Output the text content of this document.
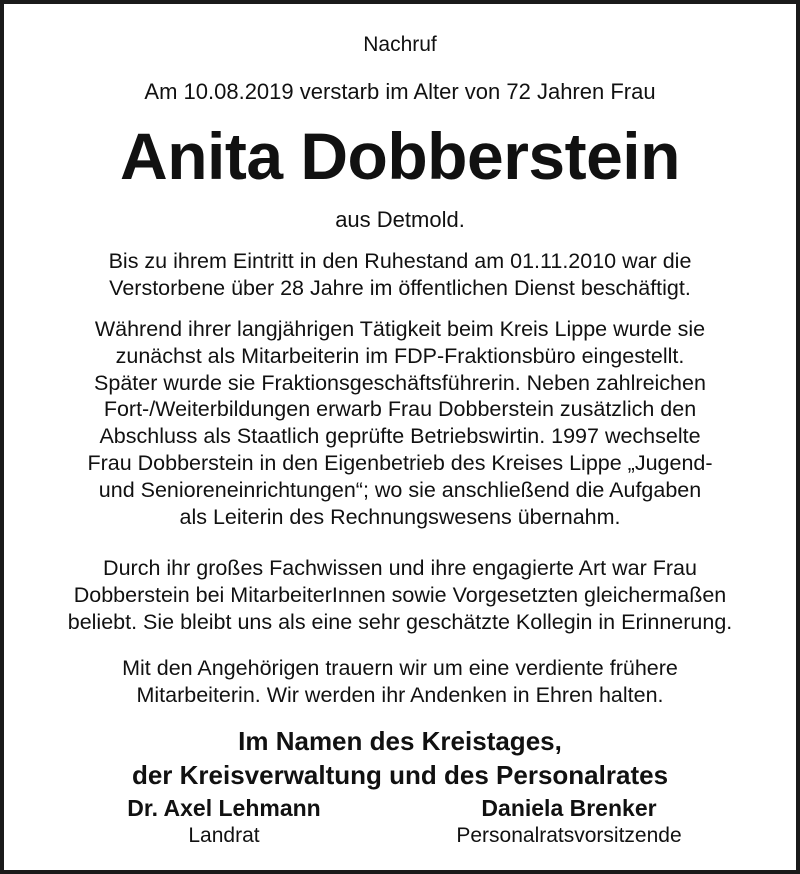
Nachruf
Am 10.08.2019 verstarb im Alter von 72 Jahren Frau
Anita Dobberstein
aus Detmold.
Bis zu ihrem Eintritt in den Ruhestand am 01.11.2010 war die
Verstorbene über 28 Jahre im öffentlichen Dienst beschäftigt.
Während ihrer langjährigen Tätigkeit beim Kreis Lippe wurde sie
zunächst als Mitarbeiterin im FDP-Fraktionsbüro eingestellt.
Später wurde sie Fraktionsgeschäftsführerin. Neben zahlreichen
Fort-/Weiterbildungen erwarb Frau Dobberstein zusätzlich den
Abschluss als Staatlich geprüfte Betriebswirtin. 1997 wechselte
Frau Dobberstein in den Eigenbetrieb des Kreises Lippe „Jugend-
und Senioreneinrichtungen“; wo sie anschließend die Aufgaben
als Leiterin des Rechnungswesens übernahm.
Durch ihr großes Fachwissen und ihre engagierte Art war Frau
Dobberstein bei MitarbeiterInnen sowie Vorgesetzten gleichermaßen
beliebt. Sie bleibt uns als eine sehr geschätzte Kollegin in Erinnerung.
Mit den Angehörigen trauern wir um eine verdiente frühere
Mitarbeiterin. Wir werden ihr Andenken in Ehren halten.
Im Namen des Kreistages,
der Kreisverwaltung und des Personalrates
Dr. Axel Lehmann
Landrat
Daniela Brenker
Personalratsvorsitzende
